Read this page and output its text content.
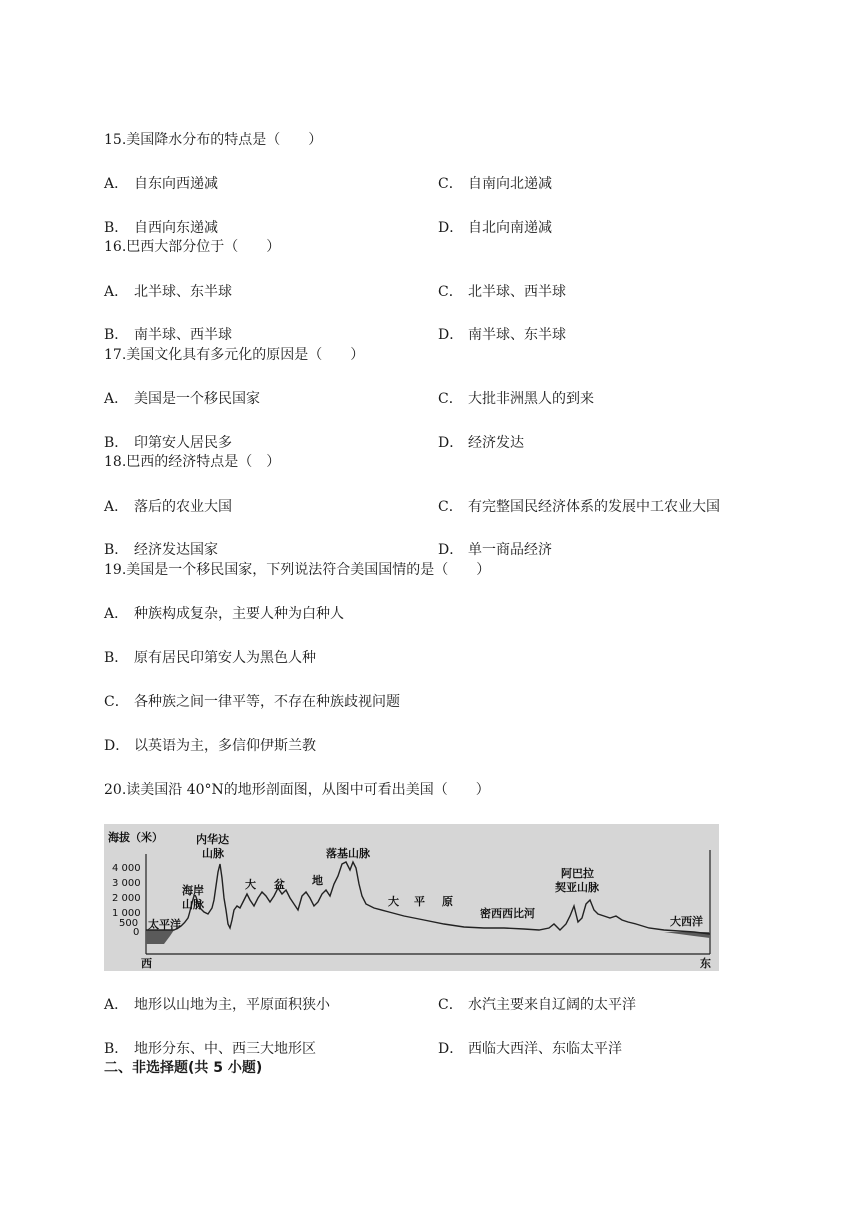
15.美国降水分布的特点是（　　）
A． 自东向西递减	C． 自南向北递减
B． 自西向东递减	D． 自北向南递减
16.巴西大部分位于（　　）
A． 北半球、东半球	C． 北半球、西半球
B． 南半球、西半球	D． 南半球、东半球
17.美国文化具有多元化的原因是（　　）
A． 美国是一个移民国家	C． 大批非洲黑人的到来
B． 印第安人居民多	D． 经济发达
18.巴西的经济特点是（　）
A． 落后的农业大国	C． 有完整国民经济体系的发展中工农业大国
B． 经济发达国家	D． 单一商品经济
19.美国是一个移民国家，下列说法符合美国国情的是（　　）
A． 种族构成复杂，主要人种为白种人
B． 原有居民印第安人为黑色人种
C． 各种族之间一律平等，不存在种族歧视问题
D． 以英语为主，多信仰伊斯兰教
20.读美国沿 40°N的地形剖面图，从图中可看出美国（　　）
海拔（米）
4 000
3 000
2 000
1 000
500
0
太平洋
海岸
山脉
内华达
山脉
大 盆 地
落基山脉
大 平 原
密西西比河
阿巴拉
契亚山脉
大西洋
西	东
A． 地形以山地为主，平原面积狭小	C． 水汽主要来自辽阔的太平洋
B． 地形分东、中、西三大地形区	D． 西临大西洋、东临太平洋
二、非选择题(共 5 小题)
